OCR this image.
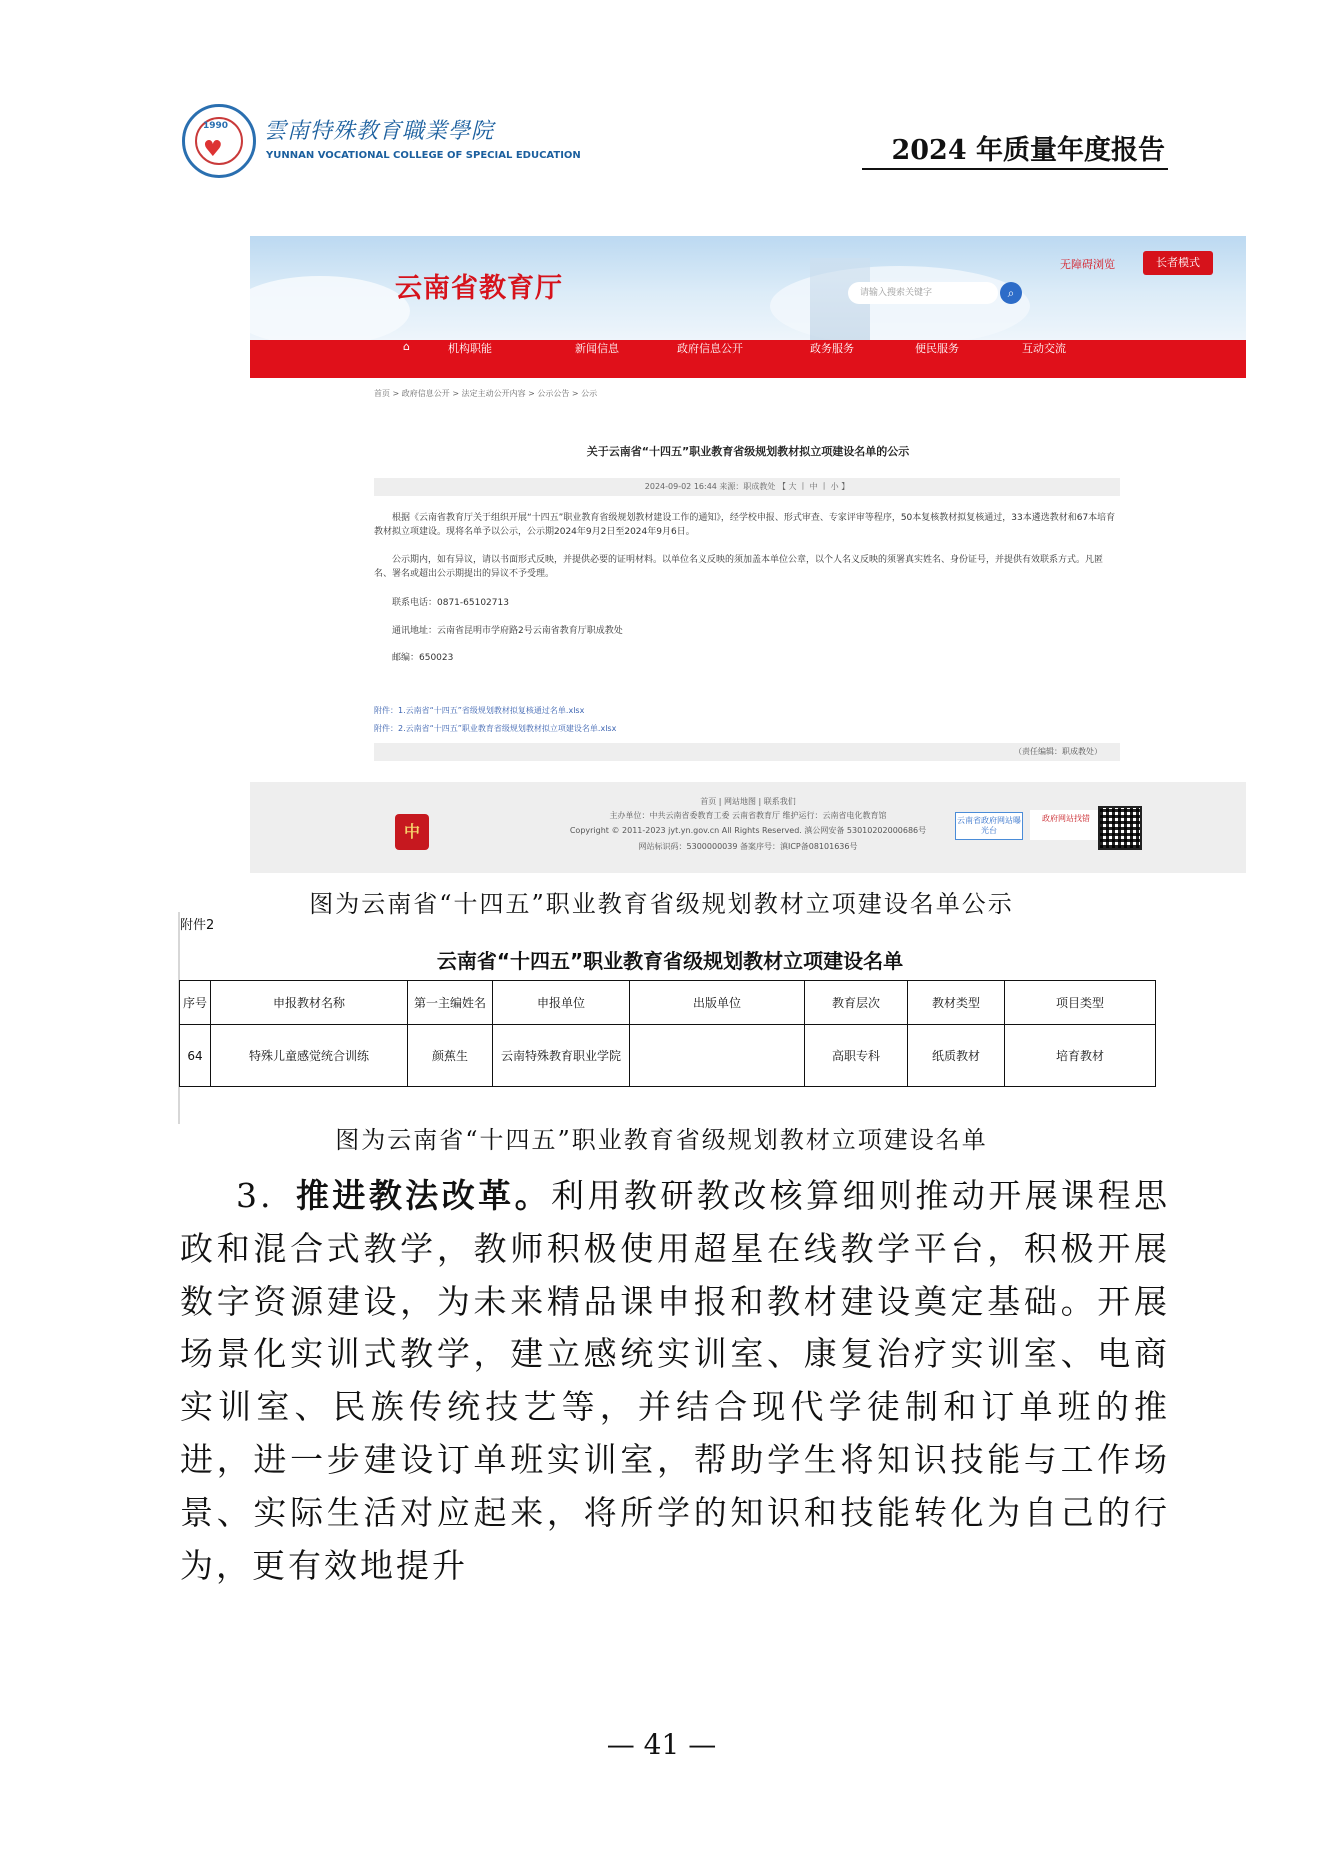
1990
♥
雲南特殊教育職業學院
YUNNAN VOCATIONAL COLLEGE OF SPECIAL EDUCATION	2024 年质量年度报告
云南省教育厅	请输入搜索关键字	⌕
无障碍浏览	长者模式
⌂	机构职能	新闻信息	政府信息公开	政务服务	便民服务	互动交流
首页 > 政府信息公开 > 法定主动公开内容 > 公示公告 > 公示
关于云南省“十四五”职业教育省级规划教材拟立项建设名单的公示
2024-09-02 16:44 来源：职成教处 【 大 丨 中 丨 小 】
根据《云南省教育厅关于组织开展“十四五”职业教育省级规划教材建设工作的通知》，经学校申报、形式审查、专家评审等程序，50本复核教材拟复核通过，33本遴选教材和67本培育教材拟立项建设。现将名单予以公示，公示期2024年9月2日至2024年9月6日。
公示期内，如有异议，请以书面形式反映，并提供必要的证明材料。以单位名义反映的须加盖本单位公章，以个人名义反映的须署真实姓名、身份证号，并提供有效联系方式。凡匿名、署名或超出公示期提出的异议不予受理。
联系电话：0871-65102713
通讯地址：云南省昆明市学府路2号云南省教育厅职成教处
邮编：650023
附件：1.云南省“十四五”省级规划教材拟复核通过名单.xlsx
附件：2.云南省“十四五”职业教育省级规划教材拟立项建设名单.xlsx
（责任编辑：职成教处）
首页 | 网站地图 | 联系我们
主办单位：中共云南省委教育工委 云南省教育厅 维护运行：云南省电化教育馆
Copyright © 2011-2023 jyt.yn.gov.cn All Rights Reserved. 滇公网安备 53010202000686号
网站标识码：5300000039 备案序号：滇ICP备08101636号
中
云南省政府网站曝光台
政府网站找错
图为云南省“十四五”职业教育省级规划教材立项建设名单公示
附件2
云南省“十四五”职业教育省级规划教材立项建设名单
序号	申报教材名称	第一主编姓名	申报单位	出版单位	教育层次	教材类型	项目类型
64	特殊儿童感觉统合训练	颜蕉生	云南特殊教育职业学院		高职专科	纸质教材	培育教材
图为云南省“十四五”职业教育省级规划教材立项建设名单
3. 推进教法改革。利用教研教改核算细则推动开展课程思政和混合式教学，教师积极使用超星在线教学平台，积极开展数字资源建设，为未来精品课申报和教材建设奠定基础。开展场景化实训式教学，建立感统实训室、康复治疗实训室、电商实训室、民族传统技艺等，并结合现代学徒制和订单班的推进，进一步建设订单班实训室，帮助学生将知识技能与工作场景、实际生活对应起来，将所学的知识和技能转化为自己的行为，更有效地提升
— 41 —
